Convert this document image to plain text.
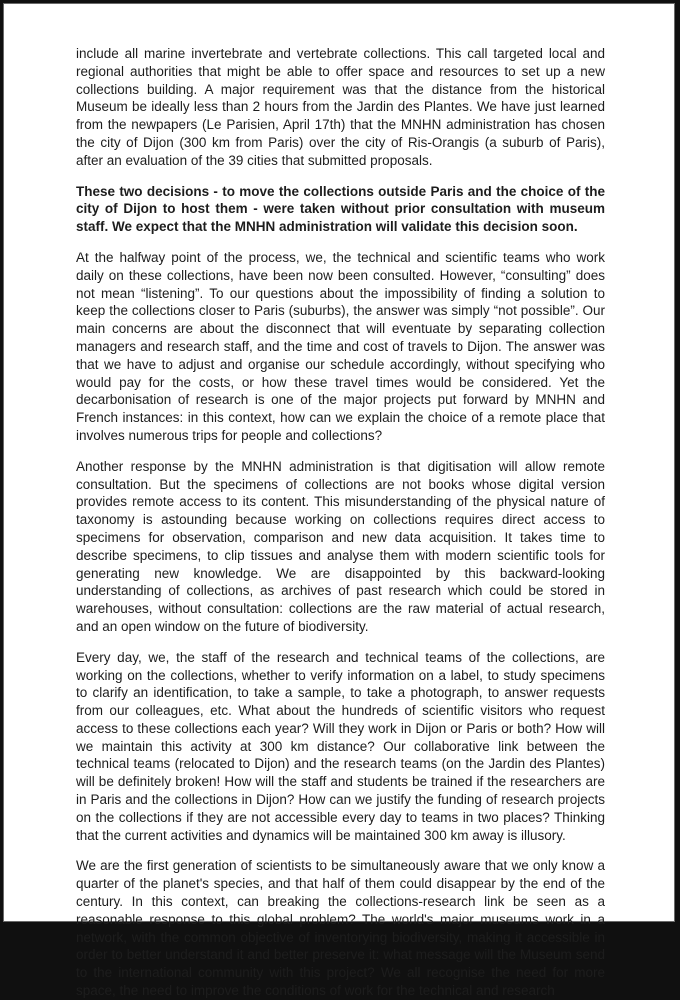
include all marine invertebrate and vertebrate collections. This call targeted local and regional authorities that might be able to offer space and resources to set up a new collections building. A major requirement was that the distance from the historical Museum be ideally less than 2 hours from the Jardin des Plantes. We have just learned from the newpapers (Le Parisien, April 17th) that the MNHN administration has chosen the city of Dijon (300 km from Paris) over the city of Ris-Orangis (a suburb of Paris), after an evaluation of the 39 cities that submitted proposals.

These two decisions - to move the collections outside Paris and the choice of the city of Dijon to host them - were taken without prior consultation with museum staff. We expect that the MNHN administration will validate this decision soon.

At the halfway point of the process, we, the technical and scientific teams who work daily on these collections, have been now been consulted. However, “consulting” does not mean “listening”. To our questions about the impossibility of finding a solution to keep the collections closer to Paris (suburbs), the answer was simply “not possible”. Our main concerns are about the disconnect that will eventuate by separating collection managers and research staff, and the time and cost of travels to Dijon. The answer was that we have to adjust and organise our schedule accordingly, without specifying who would pay for the costs, or how these travel times would be considered. Yet the decarbonisation of research is one of the major projects put forward by MNHN and French instances: in this context, how can we explain the choice of a remote place that involves numerous trips for people and collections?

Another response by the MNHN administration is that digitisation will allow remote consultation. But the specimens of collections are not books whose digital version provides remote access to its content. This misunderstanding of the physical nature of taxonomy is astounding because working on collections requires direct access to specimens for observation, comparison and new data acquisition. It takes time to describe specimens, to clip tissues and analyse them with modern scientific tools for generating new knowledge. We are disappointed by this backward-looking understanding of collections, as archives of past research which could be stored in warehouses, without consultation: collections are the raw material of actual research, and an open window on the future of biodiversity.

Every day, we, the staff of the research and technical teams of the collections, are working on the collections, whether to verify information on a label, to study specimens to clarify an identification, to take a sample, to take a photograph, to answer requests from our colleagues, etc. What about the hundreds of scientific visitors who request access to these collections each year? Will they work in Dijon or Paris or both? How will we maintain this activity at 300 km distance? Our collaborative link between the technical teams (relocated to Dijon) and the research teams (on the Jardin des Plantes) will be definitely broken! How will the staff and students be trained if the researchers are in Paris and the collections in Dijon? How can we justify the funding of research projects on the collections if they are not accessible every day to teams in two places? Thinking that the current activities and dynamics will be maintained 300 km away is illusory.

We are the first generation of scientists to be simultaneously aware that we only know a quarter of the planet's species, and that half of them could disappear by the end of the century. In this context, can breaking the collections-research link be seen as a reasonable response to this global problem? The world's major museums work in a network, with the common objective of inventorying biodiversity, making it accessible in order to better understand it and better preserve it: what message will the Museum send to the international community with this project? We all recognise the need for more space, the need to improve the conditions of work for the technical and research
